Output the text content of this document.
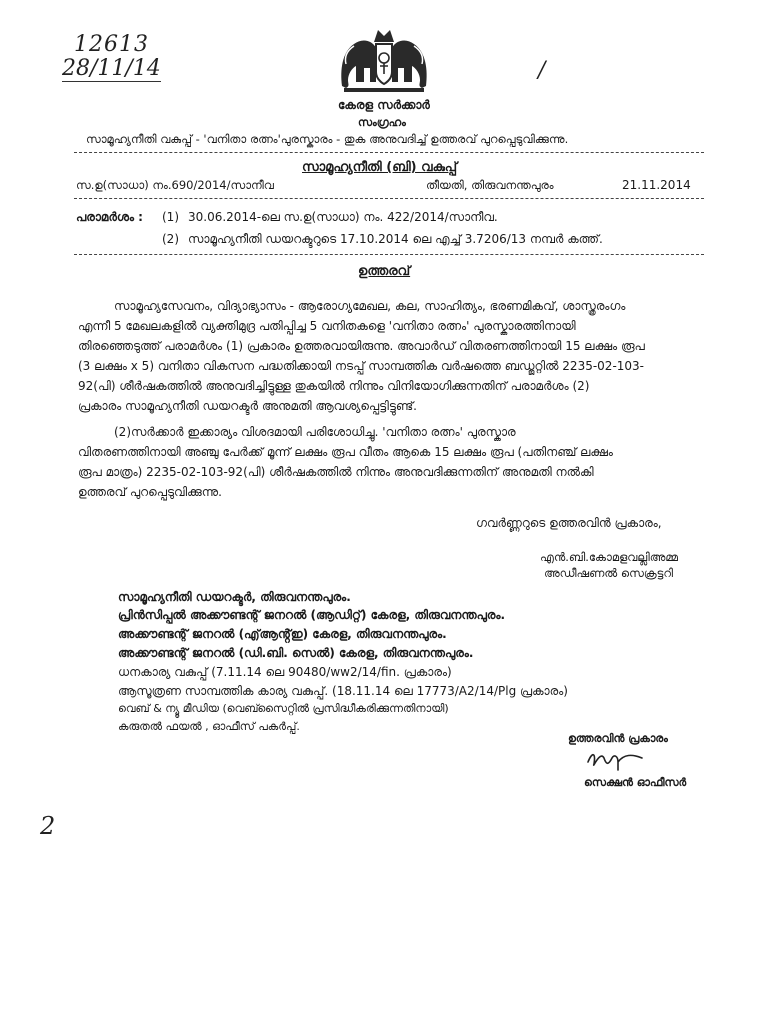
12613
28/11/14	/
2
കേരള സർക്കാർ
സംഗ്രഹം
സാമൂഹ്യനീതി വകുപ്പ് - 'വനിതാ രത്നം'പുരസ്കാരം - തുക അനുവദിച്ച് ഉത്തരവ് പുറപ്പെടുവിക്കുന്നു.
സാമൂഹ്യനീതി (ബി) വകുപ്പ്
സ.ഉ(സാധാ) നം.690/2014/സാനീവ	തീയതി, തിരുവനന്തപുരം	21.11.2014
പരാമർശം : (1) 30.06.2014-ലെ സ.ഉ(സാധാ) നം. 422/2014/സാനീവ.
(2) സാമൂഹ്യനീതി ഡയറക്ടറുടെ 17.10.2014 ലെ എച്ച് 3.7206/13 നമ്പർ കത്ത്.
ഉത്തരവ്
സാമൂഹ്യസേവനം, വിദ്യാഭ്യാസം - ആരോഗ്യമേഖല, കല, സാഹിത്യം, ഭരണമികവ്, ശാസ്ത്രരംഗം
എന്നീ 5 മേഖലകളിൽ വ്യക്തിമുദ്ര പതിപ്പിച്ച 5 വനിതകളെ 'വനിതാ രത്നം' പുരസ്കാരത്തിനായി
തിരഞ്ഞെടുത്ത് പരാമർശം (1) പ്രകാരം ഉത്തരവായിരുന്നു. അവാർഡ് വിതരണത്തിനായി 15 ലക്ഷം രൂപ
(3 ലക്ഷം x 5) വനിതാ വികസന പദ്ധതിക്കായി നടപ്പ് സാമ്പത്തിക വർഷത്തെ ബഡ്ജറ്റിൽ 2235-02-103-
92(പി) ശീർഷകത്തിൽ അനുവദിച്ചിട്ടുള്ള തുകയിൽ നിന്നും വിനിയോഗിക്കുന്നതിന് പരാമർശം (2)
പ്രകാരം സാമൂഹ്യനീതി ഡയറക്ടർ അനുമതി ആവശ്യപ്പെട്ടിട്ടുണ്ട്.
(2)സർക്കാർ ഇക്കാര്യം വിശദമായി പരിശോധിച്ചു. 'വനിതാ രത്നം' പുരസ്കാര
വിതരണത്തിനായി അഞ്ചു പേർക്ക് മൂന്ന് ലക്ഷം രൂപ വീതം ആകെ 15 ലക്ഷം രൂപ (പതിനഞ്ച് ലക്ഷം
രൂപ മാത്രം) 2235-02-103-92(പി) ശീർഷകത്തിൽ നിന്നും അനുവദിക്കുന്നതിന് അനുമതി നൽകി
ഉത്തരവ് പുറപ്പെടുവിക്കുന്നു.
ഗവർണ്ണറുടെ ഉത്തരവിൻ പ്രകാരം,
എൻ.ബി.കോമളവല്ലിഅമ്മ
അഡീഷണൽ സെക്രട്ടറി
സാമൂഹ്യനീതി ഡയറക്ടർ, തിരുവനന്തപുരം.
പ്രിൻസിപ്പൽ അക്കൗണ്ടന്റ് ജനറൽ (ആഡിറ്റ്) കേരള, തിരുവനന്തപുരം.
അക്കൗണ്ടന്റ് ജനറൽ (എ്ആൻ്റ്ഇ) കേരള, തിരുവനന്തപുരം.
അക്കൗണ്ടന്റ് ജനറൽ (ഡി.ബി. സെൽ) കേരള, തിരുവനന്തപുരം.
ധനകാര്യ വകുപ്പ് (7.11.14 ലെ 90480/ww2/14/fin. പ്രകാരം)
ആസൂത്രണ സാമ്പത്തിക കാര്യ വകുപ്പ്. (18.11.14 ലെ 17773/A2/14/Plg പ്രകാരം)
വെബ് & ന്യൂ മീഡിയ (വെബ്സൈറ്റിൽ പ്രസിദ്ധീകരിക്കുന്നതിനായി)
കരുതൽ ഫയൽ , ഓഫീസ് പകർപ്പ്.
ഉത്തരവിൻ പ്രകാരം
സെക്ഷൻ ഓഫീസർ
